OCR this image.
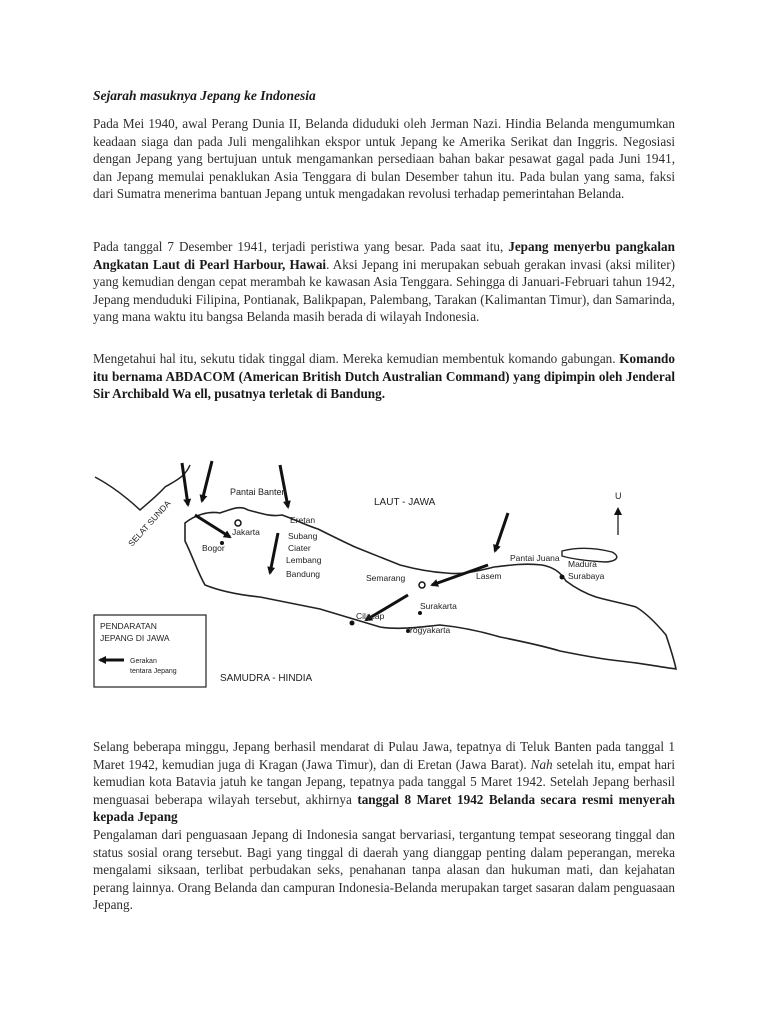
Sejarah masuknya Jepang ke Indonesia
Pada Mei 1940, awal Perang Dunia II, Belanda diduduki oleh Jerman Nazi. Hindia Belanda mengumumkan keadaan siaga dan pada Juli mengalihkan ekspor untuk Jepang ke Amerika Serikat dan Inggris. Negosiasi dengan Jepang yang bertujuan untuk mengamankan persediaan bahan bakar pesawat gagal pada Juni 1941, dan Jepang memulai penaklukan Asia Tenggara di bulan Desember tahun itu. Pada bulan yang sama, faksi dari Sumatra menerima bantuan Jepang untuk mengadakan revolusi terhadap pemerintahan Belanda.
Pada tanggal 7 Desember 1941, terjadi peristiwa yang besar. Pada saat itu, Jepang menyerbu pangkalan Angkatan Laut di Pearl Harbour, Hawai. Aksi Jepang ini merupakan sebuah gerakan invasi (aksi militer) yang kemudian dengan cepat merambah ke kawasan Asia Tenggara. Sehingga di Januari-Februari tahun 1942, Jepang menduduki Filipina, Pontianak, Balikpapan, Palembang, Tarakan (Kalimantan Timur), dan Samarinda, yang mana waktu itu bangsa Belanda masih berada di wilayah Indonesia.
Mengetahui hal itu, sekutu tidak tinggal diam. Mereka kemudian membentuk komando gabungan. Komando itu bernama ABDACOM (American British Dutch Australian Command) yang dipimpin oleh Jenderal Sir Archibald Wa ell, pusatnya terletak di Bandung.
Pantai Banten
SELAT SUNDA	Jakarta
Bogor
Eretan
Subang
Ciater
Lembang
Bandung
LAUT - JAWA
Pantai Juana
Lasem
Semarang
Surakarta
Yogyakarta
Cilacap
Madura
Surabaya
U
PENDARATAN
JEPANG DI JAWA
Gerakan
tentara Jepang
SAMUDRA - HINDIA
Selang beberapa minggu, Jepang berhasil mendarat di Pulau Jawa, tepatnya di Teluk Banten pada tanggal 1 Maret 1942, kemudian juga di Kragan (Jawa Timur), dan di Eretan (Jawa Barat). Nah setelah itu, empat hari kemudian kota Batavia jatuh ke tangan Jepang, tepatnya pada tanggal 5 Maret 1942. Setelah Jepang berhasil menguasai beberapa wilayah tersebut, akhirnya tanggal 8 Maret 1942 Belanda secara resmi menyerah kepada Jepang
Pengalaman dari penguasaan Jepang di Indonesia sangat bervariasi, tergantung tempat seseorang tinggal dan status sosial orang tersebut. Bagi yang tinggal di daerah yang dianggap penting dalam peperangan, mereka mengalami siksaan, terlibat perbudakan seks, penahanan tanpa alasan dan hukuman mati, dan kejahatan perang lainnya. Orang Belanda dan campuran Indonesia-Belanda merupakan target sasaran dalam penguasaan Jepang.
